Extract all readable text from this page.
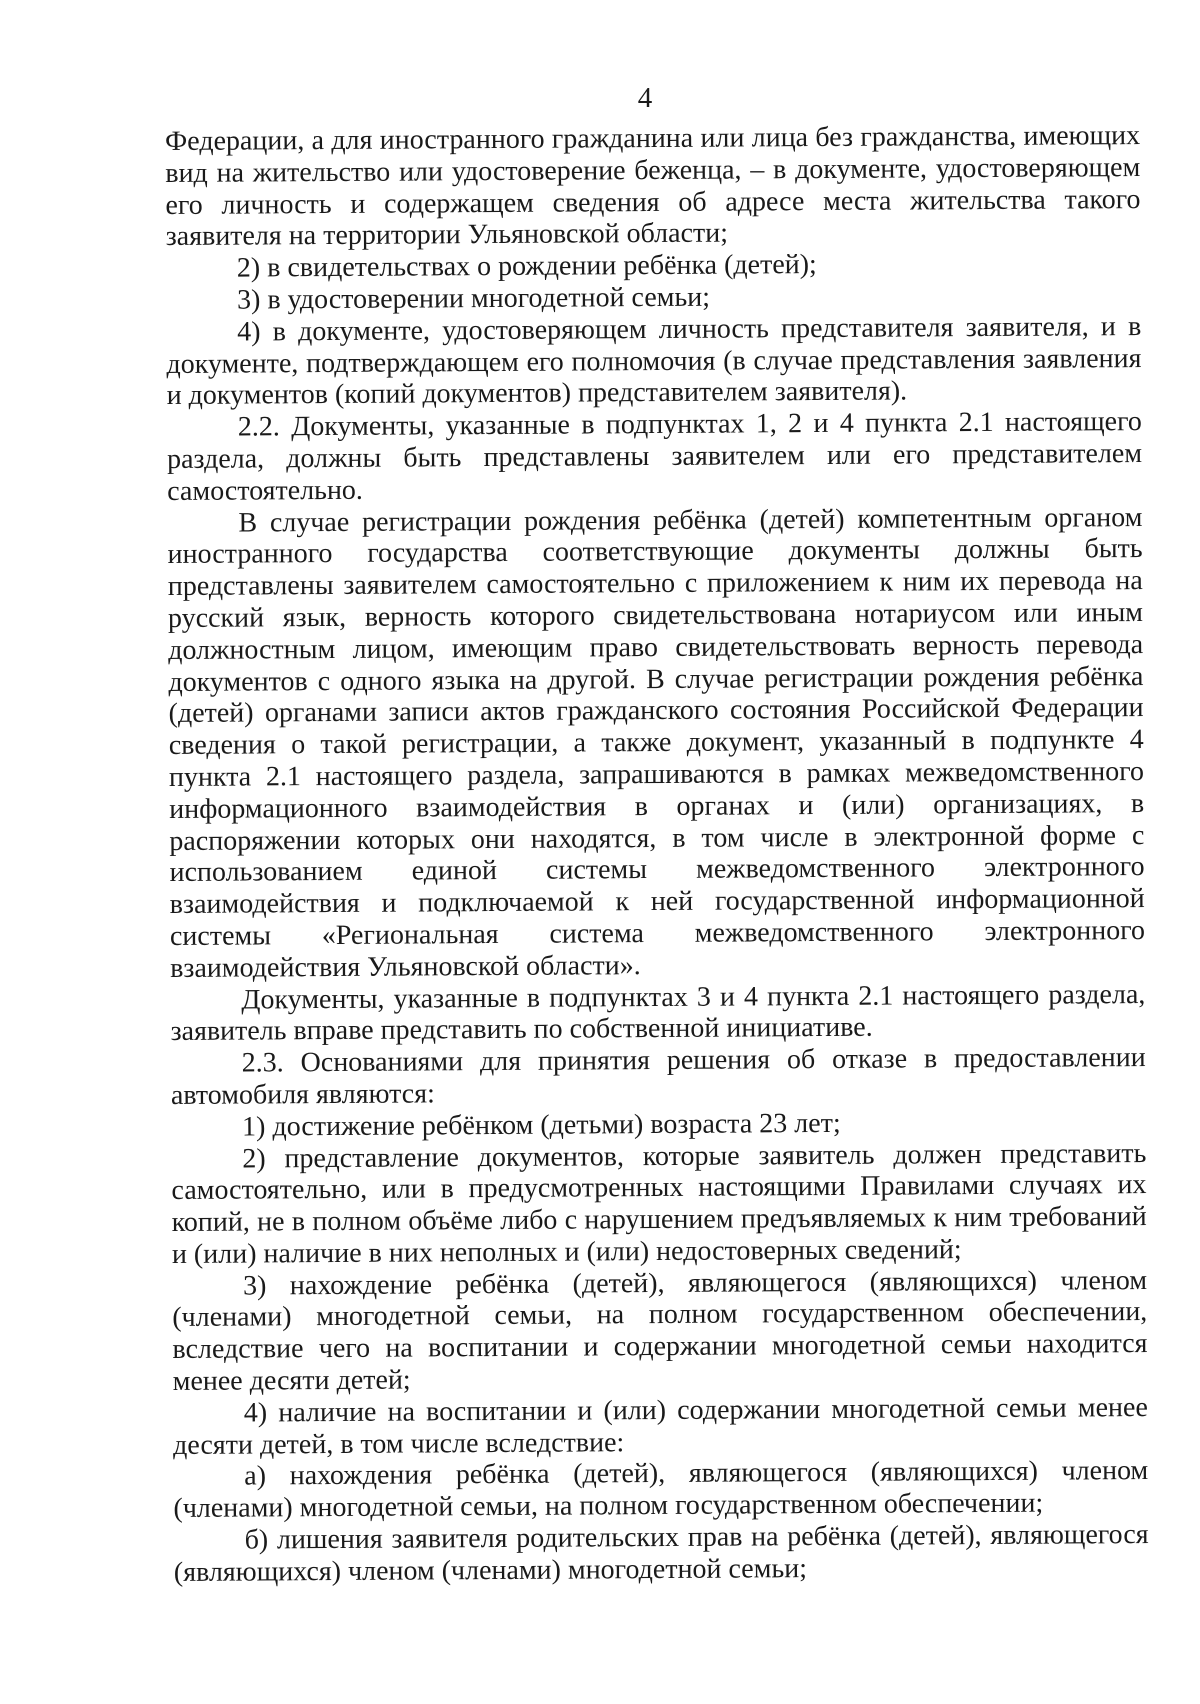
4

Федерации, а для иностранного гражданина или лица без гражданства, имеющих вид на жительство или удостоверение беженца, – в документе, удостоверяющем его личность и содержащем сведения об адресе места жительства такого заявителя на территории Ульяновской области;

2) в свидетельствах о рождении ребёнка (детей);

3) в удостоверении многодетной семьи;

4) в документе, удостоверяющем личность представителя заявителя, и в документе, подтверждающем его полномочия (в случае представления заявления и документов (копий документов) представителем заявителя).

2.2. Документы, указанные в подпунктах 1, 2 и 4 пункта 2.1 настоящего раздела, должны быть представлены заявителем или его представителем самостоятельно.

В случае регистрации рождения ребёнка (детей) компетентным органом иностранного государства соответствующие документы должны быть представлены заявителем самостоятельно с приложением к ним их перевода на русский язык, верность которого свидетельствована нотариусом или иным должностным лицом, имеющим право свидетельствовать верность перевода документов с одного языка на другой. В случае регистрации рождения ребёнка (детей) органами записи актов гражданского состояния Российской Федерации сведения о такой регистрации, а также документ, указанный в подпункте 4 пункта 2.1 настоящего раздела, запрашиваются в рамках межведомственного информационного взаимодействия в органах и (или) организациях, в распоряжении которых они находятся, в том числе в электронной форме с использованием единой системы межведомственного электронного взаимодействия и подключаемой к ней государственной информационной системы «Региональная система межведомственного электронного взаимодействия Ульяновской области».

Документы, указанные в подпунктах 3 и 4 пункта 2.1 настоящего раздела, заявитель вправе представить по собственной инициативе.

2.3. Основаниями для принятия решения об отказе в предоставлении автомобиля являются:

1) достижение ребёнком (детьми) возраста 23 лет;

2) представление документов, которые заявитель должен представить самостоятельно, или в предусмотренных настоящими Правилами случаях их копий, не в полном объёме либо с нарушением предъявляемых к ним требований и (или) наличие в них неполных и (или) недостоверных сведений;

3) нахождение ребёнка (детей), являющегося (являющихся) членом (членами) многодетной семьи, на полном государственном обеспечении, вследствие чего на воспитании и содержании многодетной семьи находится менее десяти детей;

4) наличие на воспитании и (или) содержании многодетной семьи менее десяти детей, в том числе вследствие:

а) нахождения ребёнка (детей), являющегося (являющихся) членом (членами) многодетной семьи, на полном государственном обеспечении;

б) лишения заявителя родительских прав на ребёнка (детей), являющегося (являющихся) членом (членами) многодетной семьи;
